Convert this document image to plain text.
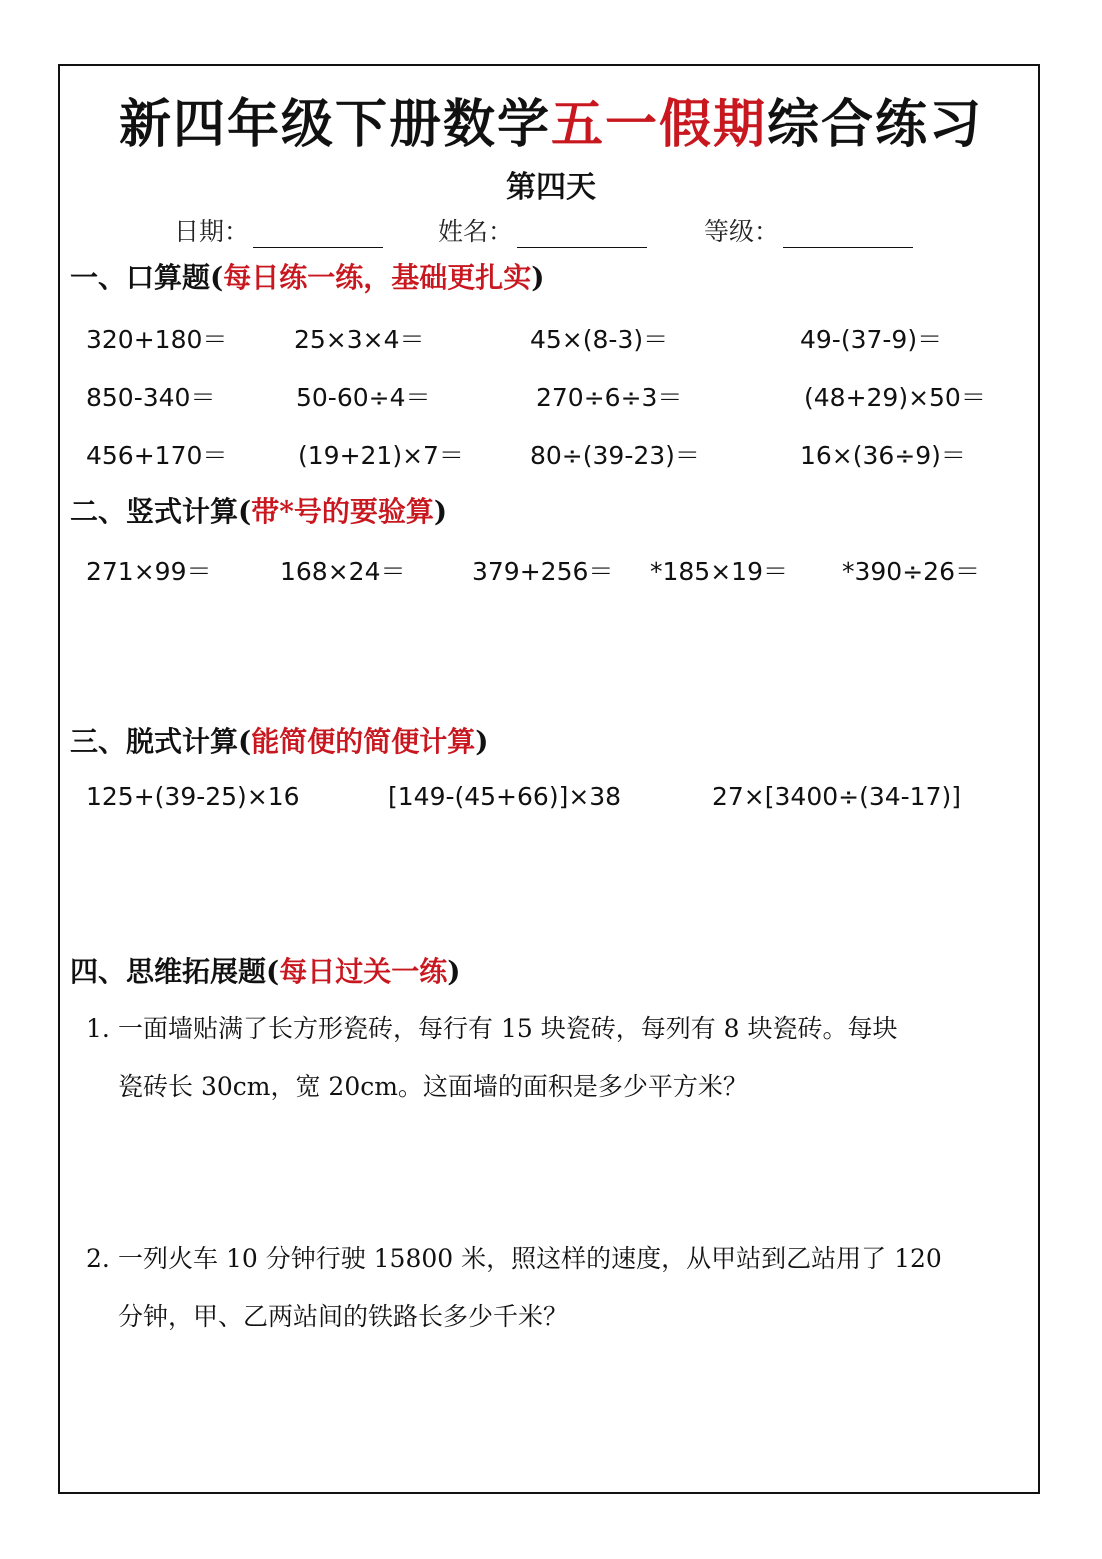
新四年级下册数学五一假期综合练习
第四天
日期：	姓名：	等级：
一、口算题(每日练一练，基础更扎实)
320+180＝	25×3×4＝	45×(8-3)＝	49-(37-9)＝
850-340＝	50-60÷4＝	270÷6÷3＝	(48+29)×50＝
456+170＝	(19+21)×7＝	80÷(39-23)＝	16×(36÷9)＝
二、竖式计算(带*号的要验算)
271×99＝	168×24＝	379+256＝ *185×19＝ *390÷26＝
三、脱式计算(能简便的简便计算)
125+(39-25)×16	[149-(45+66)]×38	27×[3400÷(34-17)]
四、思维拓展题(每日过关一练)
1. 一面墙贴满了长方形瓷砖，每行有 15 块瓷砖，每列有 8 块瓷砖。每块
瓷砖长 30cm，宽 20cm。这面墙的面积是多少平方米？
2. 一列火车 10 分钟行驶 15800 米，照这样的速度，从甲站到乙站用了 120
分钟，甲、乙两站间的铁路长多少千米？
